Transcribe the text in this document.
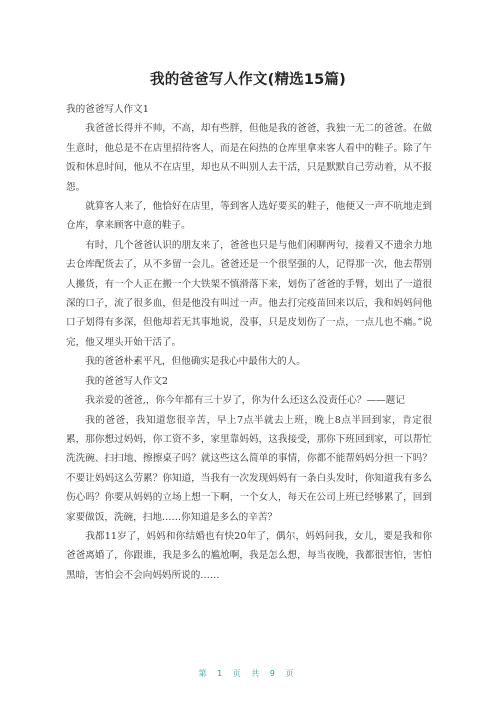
我的爸爸写人作文(精选15篇)

我的爸爸写人作文1

我爸爸长得并不帅，不高，却有些胖，但他是我的爸爸，我独一无二的爸爸。在做生意时，他总是不在店里招待客人，而是在闷热的仓库里拿来客人看中的鞋子。除了午饭和休息时间，他从不在店里，却也从不叫别人去干活，只是默默自己劳动着，从不报怨。

就算客人来了，他恰好在店里，等到客人选好要买的鞋子，他便又一声不吭地走到仓库，拿来顾客中意的鞋子。

有时，几个爸爸认识的朋友来了，爸爸也只是与他们闲聊两句，接着又不遗余力地去仓库配货去了，从不多留一会儿。爸爸还是一个很坚强的人，记得那一次，他去帮别人搬货，有一个人正在搬一个大铁架不慎滑落下来，划伤了爸爸的手臂，划出了一道很深的口子，流了很多血，但是他没有叫过一声。他去打完疫苗回来以后，我和妈妈问他口子划得有多深，但他却若无其事地说，没事，只是皮划伤了一点，一点儿也不痛。”说完，他又埋头开始干活了。

我的爸爸朴素平凡，但他确实是我心中最伟大的人。

我的爸爸写人作文2

我亲爱的爸爸,，你今年都有三十岁了，你为什么还这么没责任心？——题记

我的爸爸，我知道您很辛苦，早上7点半就去上班，晚上8点半回到家，肯定很累，那你想过妈妈，你工资不多，家里靠妈妈，这我接受，那你下班回到家，可以帮忙洗洗碗、扫扫地、擦擦桌子吗？就这些这么简单的事情，你都不能帮妈妈分担一下吗？不要让妈妈这么劳累？你知道，当我有一次发现妈妈有一条白头发时，你知道我有多么伤心吗？你要从妈妈的立场上想一下啊，一个女人，每天在公司上班已经够累了，回到家要做饭，洗碗，扫地……你知道是多么的辛苦？

我都11岁了，妈妈和你结婚也有快20年了，偶尔，妈妈问我，女儿，要是我和你爸爸离婚了，你跟谁，我是多么的尴尬啊，我是怎么想，每当夜晚，我都很害怕，害怕黑暗，害怕会不会向妈妈所说的……

第 1 页 共 9 页
